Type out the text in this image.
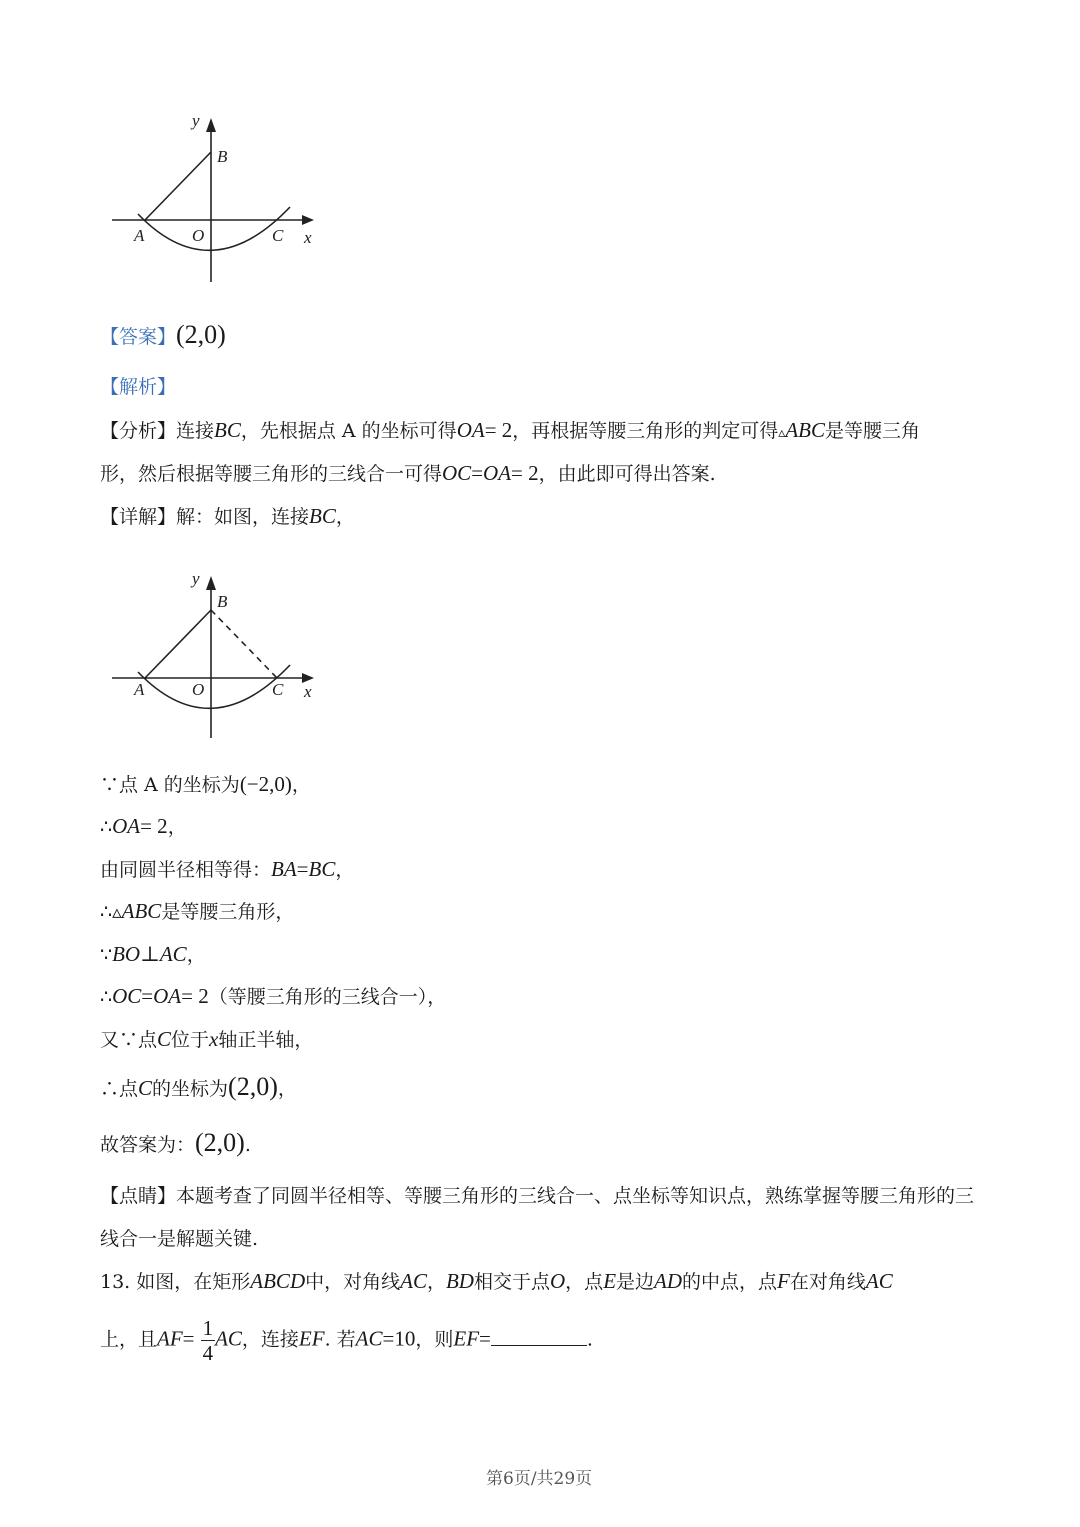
y
B
A	O	C x
【答案】(2,0)
【解析】
【分析】连接BC，先根据点 A 的坐标可得OA= 2，再根据等腰三角形的判定可得▵ABC是等腰三角
形，然后根据等腰三角形的三线合一可得OC=OA= 2，由此即可得出答案.
【详解】解：如图，连接BC，
y
B
A	O	C x
∵点 A 的坐标为(−2,0)，
∴OA= 2，
由同圆半径相等得：BA=BC，
∴▵ABC是等腰三角形，
∵BO⊥AC，
∴OC=OA= 2（等腰三角形的三线合一），
又∵点C位于x轴正半轴，
∴点C的坐标为(2,0)，
故答案为：(2,0).
【点睛】本题考查了同圆半径相等、等腰三角形的三线合一、点坐标等知识点，熟练掌握等腰三角形的三
线合一是解题关键.
13. 如图，在矩形ABCD中，对角线AC，BD相交于点O，点E是边AD的中点，点F在对角线AC
上，且$AF= \frac{1}{4}$ AC，连接EF. 若AC=10，则EF=	.
第6页/共29页
